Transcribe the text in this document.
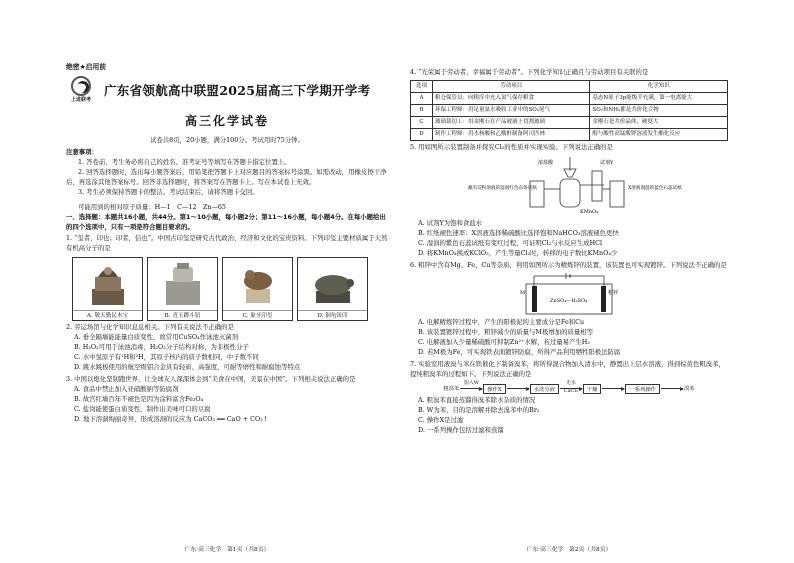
绝密★启用前
上进联考
广东省领航高中联盟2025届高三下学期开学考
高三化学试卷
试卷共8页，20小题，满分100分。考试用时75分钟。
注意事项：
1. 答卷前，考生务必将自己的姓名、准考证号等填写在答题卡指定位置上。
2. 回答选择题时，选出每小题答案后，用铅笔把答题卡上对应题目的答案标号涂黑。如需改动，用橡皮擦干净后，再选涂其他答案标号。回答非选择题时，将答案写在答题卡上。写在本试卷上无效。
3. 考生必须保持答题卡的整洁。考试结束后，请将答题卡交回。
可能用到的相对原子质量：H—1　C—12　Zn—65
一、选择题：本题共16小题，共44分。第1～10小题，每小题2分；第11～16小题，每小题4分。在每小题给出的四个选项中，只有一项是符合题目要求的。
1. “玺者，印也；印者，信也”。中国古印玺是研究古代政治、经济和文化的宝贵资料。下列印玺主要材质属于天然有机高分子的是
A. 敬天勤民木宝	B. 青玉蹲斗钮	C. 象牙印玺	D. 铜龟钮印
2. 劳运场馆与化学知识息息相关。下列有关说法不正确的是
A. 垂全隔墙能能量白质变性，故常用CuSO₄作泳池灭菌剂
B. H₂O₂可用于泳池消毒，H₂O₂分子结构对称，为非极性分子
C. 水中氢原子有¹H和²H，其原子核内的质子数相同，中子数不同
D. 跳水跳板使用的航空级铝合金具有轻质、高强度，可耐等磨性和耐腐蚀等特点
3. 中国以炮化坚韧跑世界，让全球友人深深体会到“美食在中国，美景在中国”。下列相关说法正确的是
A. 食品中禁止加入亚硝酸钠等防腐剂
B. 故宫红墙百年不褪色是因为涂料富含Fe₃O₄
C. 盐岗能使蛋白质变性，制作出美味可口的豆腐
D. 地下溶洞绚丽奇异，形成溶洞的反应为 CaCO₃ ══ CaO + CO₂↑
广东·高三化学　第1页（共8页）
4. “光荣属于劳动者，幸福属于劳动者”。下列化学知识正确且与劳动项目有关联的是
选项	劳动项目	化学知识
A	粮仓保管员：向粮库中充入氮气保存粮食	基态N原子3p能级半充满，第一电离能大
B	环保工程师：用足量氨水吸收工业中的SO₂尾气	SO₂和NH₃都是共价化合物
C	玻璃裁切工：用金刚石在产品玻璃上切割玻璃	金刚石是共价晶体，硬度大
D	制作工程师：用水杨酸和乙酸酐制备阿司匹林	醇与酸性高锰酸钾溶液发生酯化反应
5. 用如图所示装置制备并探究Cl₂的性质并实现实验。下列说法正确的是
浓盐酸	试剂Y
蘸有淀粉溶液的湿润红色布条试纸	X溶液润湿的蓝色石蕊试纸
KMnO₄
A. 试剂Y为饱和食盐水
B. 红纸褪色速率：X溶液选择稀硫酸比选择饱和NaHCO₃溶液褪色更快
C. 湿润的紫色石蕊试纸有变红过程，可证明Cl₂与水反应生成HCl
D. 将KMnO₄换成KClO₃，产生等量Cl₂时，转移的电子数比KMnO₄少
6. 粗锌中含有Mg、Fe、Cu等杂质，利用如图所示为精炼锌的装置，该装置也可实现镀锌。下列说法不正确的是
M	粗锌
ZnSO₄—H₂SO₄
A. 电解精炼锌过程中，产生的阳极泥的主要成分是Fe和Cu
B. 该装置镀锌过程中，粗锌减少的质量与M极增加的质量相等
C. 电解液加入少量稀硫酸可抑制Zn²⁺水解，若过量易产生H₂
D. 若M极为Fe，可实现铁表面镀锌防腐，所得产品利用牺牲阳极法防腐
7. 实验室用液溴与苯在铁催化下制备溴苯，将所得混合物加入清水中，静置出上层水溶液，得到棕黄色粗溴苯，提纯粗溴苯的过程如下。下列说法正确的是
粗溴苯
加入W
操作X	水洗分液
无水CaCl₂	干燥	一系列操作	溴苯
A. 粗溴苯直接蒸馏得溴苯除水杂质的情况
B. W为苯，目的是溶解并除去溴苯中的Br₂
C. 操作X是过滤
D. 一系列操作包括过滤和蒸馏
广东·高三化学　第2页（共8页）
